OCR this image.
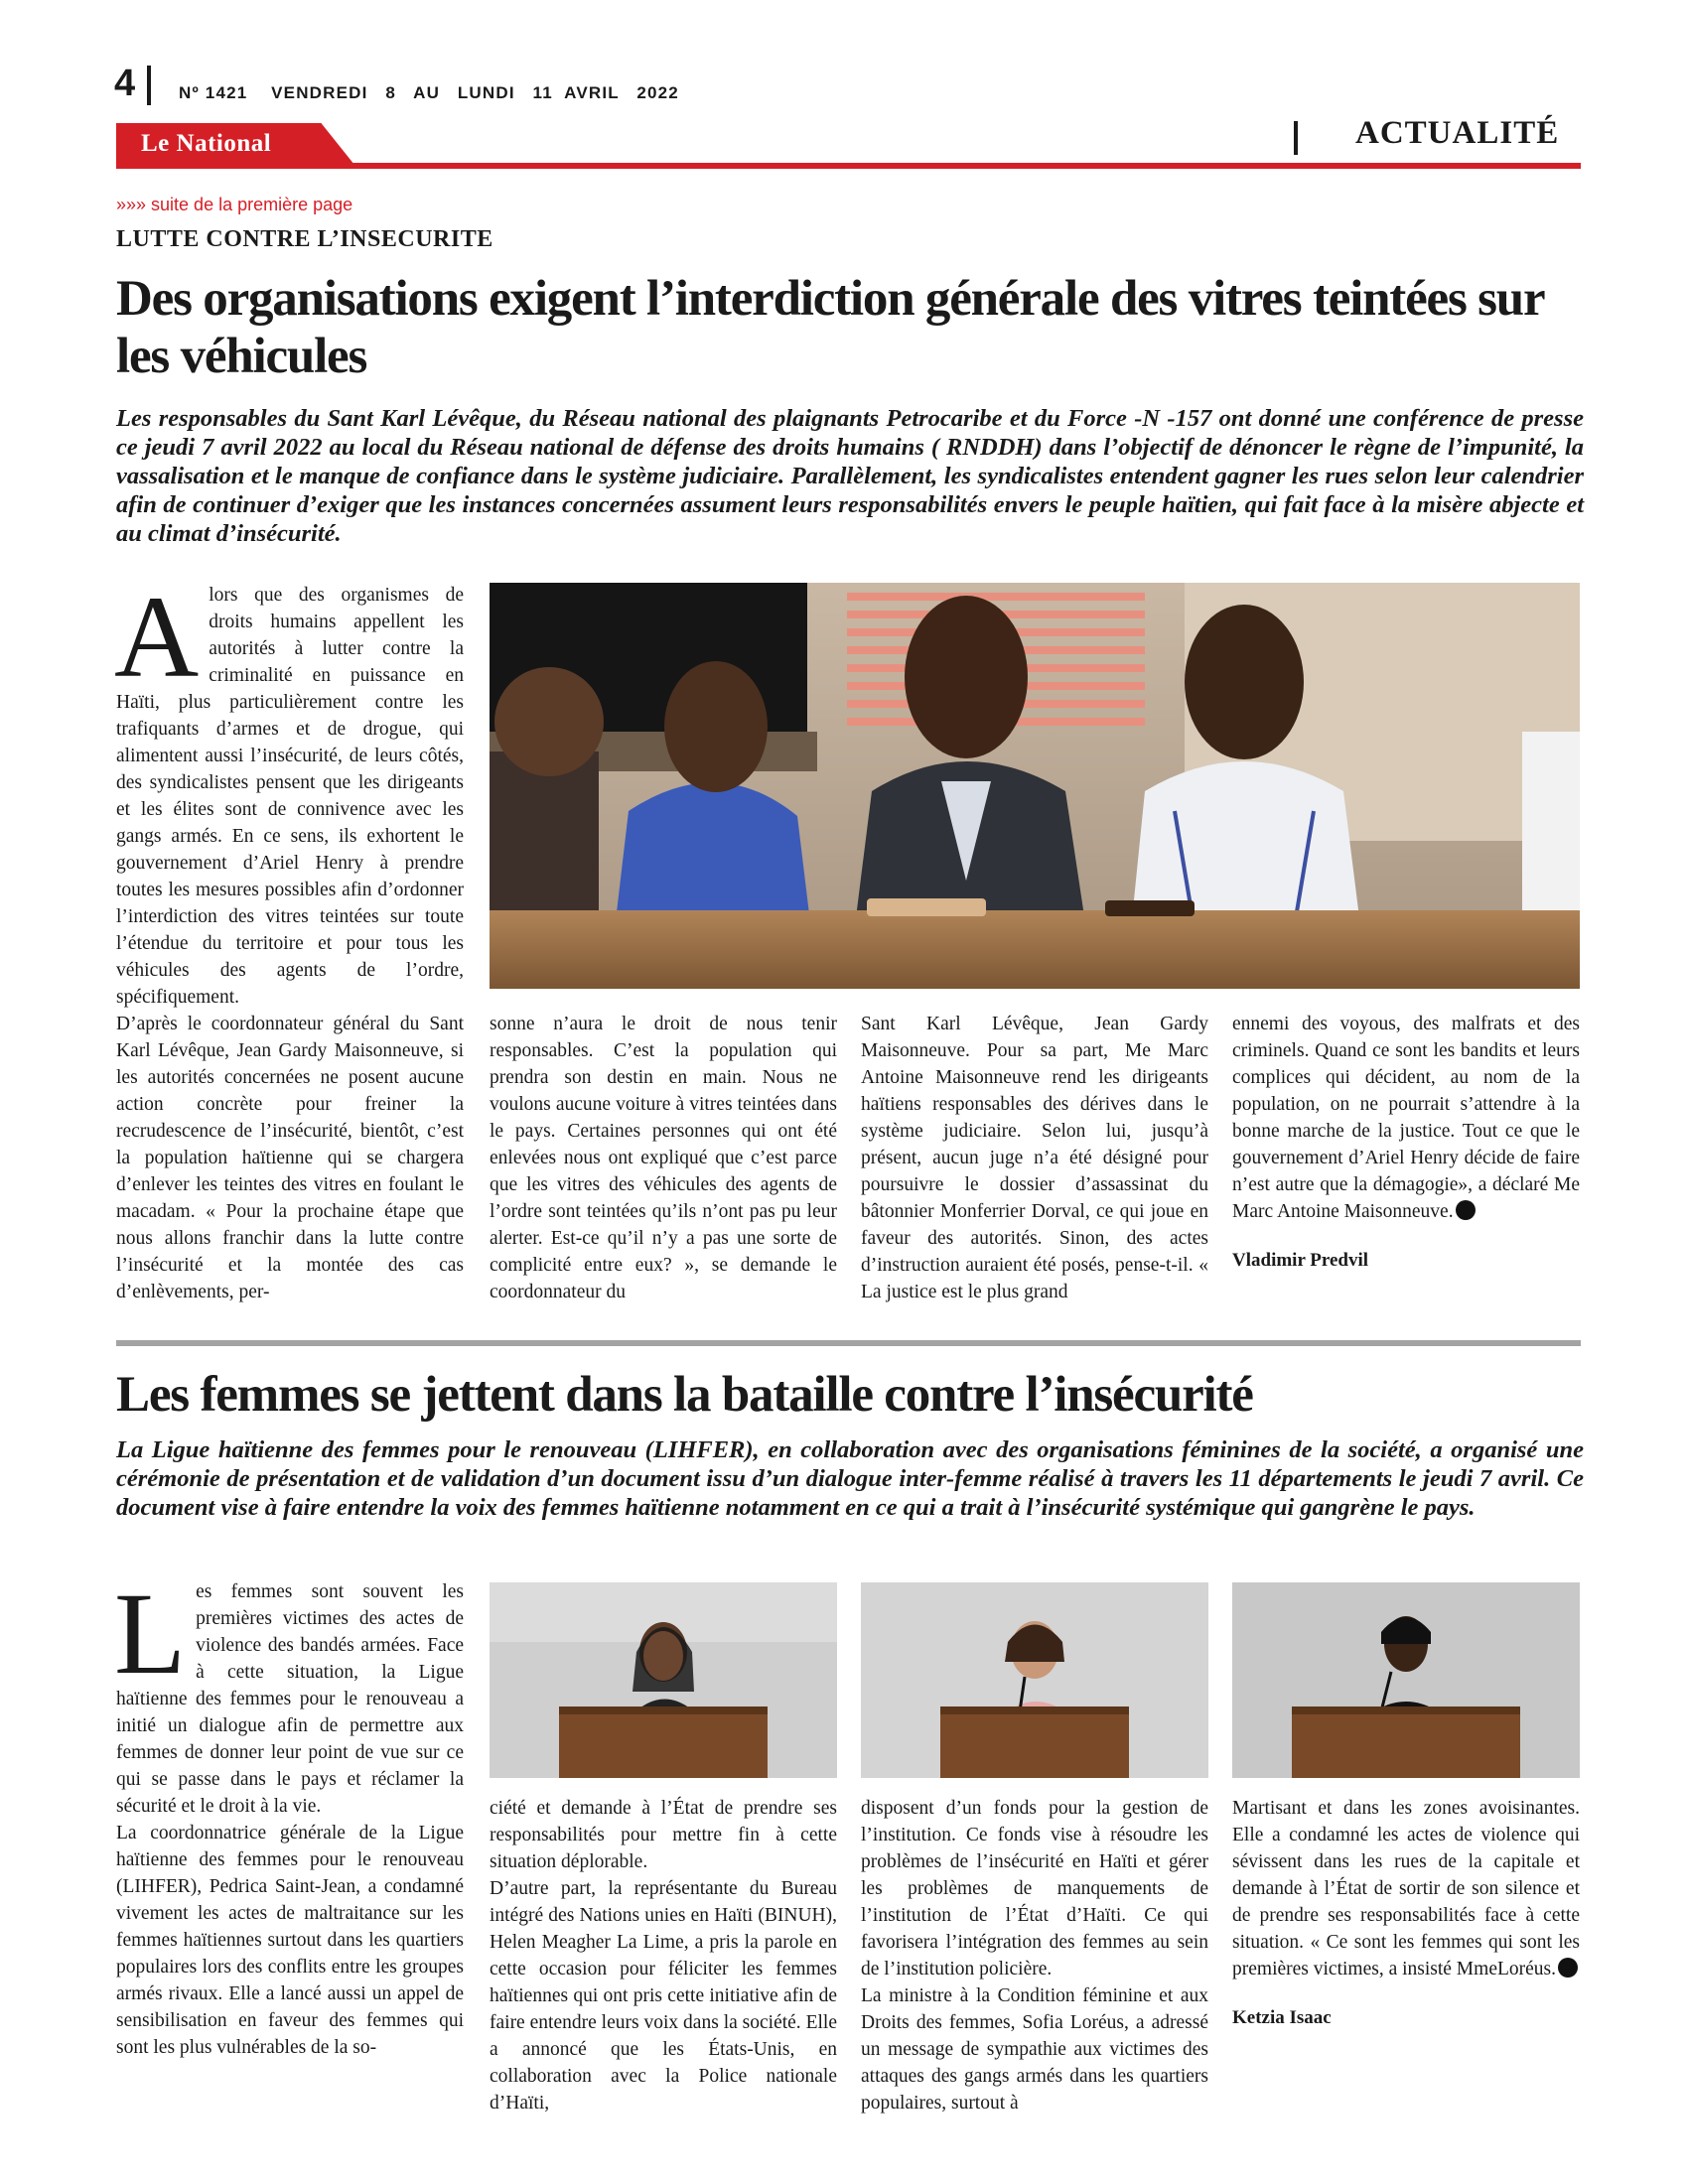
4	Nº 1421    VENDREDI   8   AU   LUNDI   11  AVRIL   2022
Le National	ACTUALITÉ
»»» suite de la première page
LUTTE CONTRE L’INSECURITE
Des organisations exigent l’interdiction générale des vitres teintées sur les véhicules
Les responsables du Sant Karl Lévêque, du Réseau national des plaignants Petrocaribe et du Force -N -157 ont donné une conférence de presse ce jeudi 7 avril 2022 au local du Réseau national de défense des droits humains ( RNDDH) dans l’objectif de dénoncer le règne de l’impunité, la vassalisation et le manque de confiance dans le système judiciaire. Parallèlement, les syndicalistes entendent gagner les rues selon leur calendrier afin de continuer d’exiger que les instances concernées assument leurs responsabilités envers le peuple haïtien, qui fait face à la misère abjecte et au climat d’insécurité.
A lors que des organismes de droits humains appellent les autorités à lutter contre la criminalité en puissance en Haïti, plus particulièrement contre les trafiquants d’armes et de drogue, qui alimentent aussi l’insécurité, de leurs côtés, des syndicalistes pensent que les dirigeants et les élites sont de connivence avec les gangs armés. En ce sens, ils exhortent le gouvernement d’Ariel Henry à prendre toutes les mesures possibles afin d’ordonner l’interdiction des vitres teintées sur toute l’étendue du territoire et pour tous les véhicules des agents de l’ordre, spécifiquement.

D’après le coordonnateur général du Sant Karl Lévêque, Jean Gardy Maisonneuve, si les autorités concernées ne posent aucune action concrète pour freiner la recrudescence de l’insécurité, bientôt, c’est la population haïtienne qui se chargera d’enlever les teintes des vitres en foulant le macadam. « Pour la prochaine étape que nous allons franchir dans la lutte contre l’insécurité et la montée des cas d’enlèvements, per-

sonne n’aura le droit de nous tenir responsables. C’est la population qui prendra son destin en main. Nous ne voulons aucune voiture à vitres teintées dans le pays. Certaines personnes qui ont été enlevées nous ont expliqué que c’est parce que les vitres des véhicules des agents de l’ordre sont teintées qu’ils n’ont pas pu leur alerter. Est-ce qu’il n’y a pas une sorte de complicité entre eux? », se demande le coordonnateur du

Sant Karl Lévêque, Jean Gardy Maisonneuve. Pour sa part, Me Marc Antoine Maisonneuve rend les dirigeants haïtiens responsables des dérives dans le système judiciaire. Selon lui, jusqu’à présent, aucun juge n’a été désigné pour poursuivre le dossier d’assassinat du bâtonnier Monferrier Dorval, ce qui joue en faveur des autorités. Sinon, des actes d’instruction auraient été posés, pense-t-il. « La justice est le plus grand

ennemi des voyous, des malfrats et des criminels. Quand ce sont les bandits et leurs complices qui décident, au nom de la population, on ne pourrait s’attendre à la bonne marche de la justice. Tout ce que le gouvernement d’Ariel Henry décide de faire n’est autre que la démagogie», a déclaré Me Marc Antoine Maisonneuve.

Vladimir Predvil

Les femmes se jettent dans la bataille contre l’insécurité
La Ligue haïtienne des femmes pour le renouveau (LIHFER), en collaboration avec des organisations féminines de la société, a organisé une cérémonie de présentation et de validation d’un document issu d’un dialogue inter-femme réalisé à travers les 11 départements le jeudi 7 avril. Ce document vise à faire entendre la voix des femmes haïtienne notamment en ce qui a trait à l’insécurité systémique qui gangrène le pays.
L es femmes sont souvent les premières victimes des actes de violence des bandés armées. Face à cette situation, la Ligue haïtienne des femmes pour le renouveau a initié un dialogue afin de permettre aux femmes de donner leur point de vue sur ce qui se passe dans le pays et réclamer la sécurité et le droit à la vie.

La coordonnatrice générale de la Ligue haïtienne des femmes pour le renouveau (LIHFER), Pedrica Saint-Jean, a condamné vivement les actes de maltraitance sur les femmes haïtiennes surtout dans les quartiers populaires lors des conflits entre les groupes armés rivaux. Elle a lancé aussi un appel de sensibilisation en faveur des femmes qui sont les plus vulnérables de la so-

ciété et demande à l’État de prendre ses responsabilités pour mettre fin à cette situation déplorable.

D’autre part, la représentante du Bureau intégré des Nations unies en Haïti (BINUH), Helen Meagher La Lime, a pris la parole en cette occasion pour féliciter les femmes haïtiennes qui ont pris cette initiative afin de faire entendre leurs voix dans la société. Elle a annoncé que les États-Unis, en collaboration avec la Police nationale d’Haïti,

disposent d’un fonds pour la gestion de l’institution. Ce fonds vise à résoudre les problèmes de l’insécurité en Haïti et gérer les problèmes de manquements de l’institution de l’État d’Haïti. Ce qui favorisera l’intégration des femmes au sein de l’institution policière.

La ministre à la Condition féminine et aux Droits des femmes, Sofia Loréus, a adressé un message de sympathie aux victimes des attaques des gangs armés dans les quartiers populaires, surtout à

Martisant et dans les zones avoisinantes. Elle a condamné les actes de violence qui sévissent dans les rues de la capitale et demande à l’État de sortir de son silence et de prendre ses responsabilités face à cette situation. « Ce sont les femmes qui sont les premières victimes, a insisté MmeLoréus.

Ketzia Isaac
